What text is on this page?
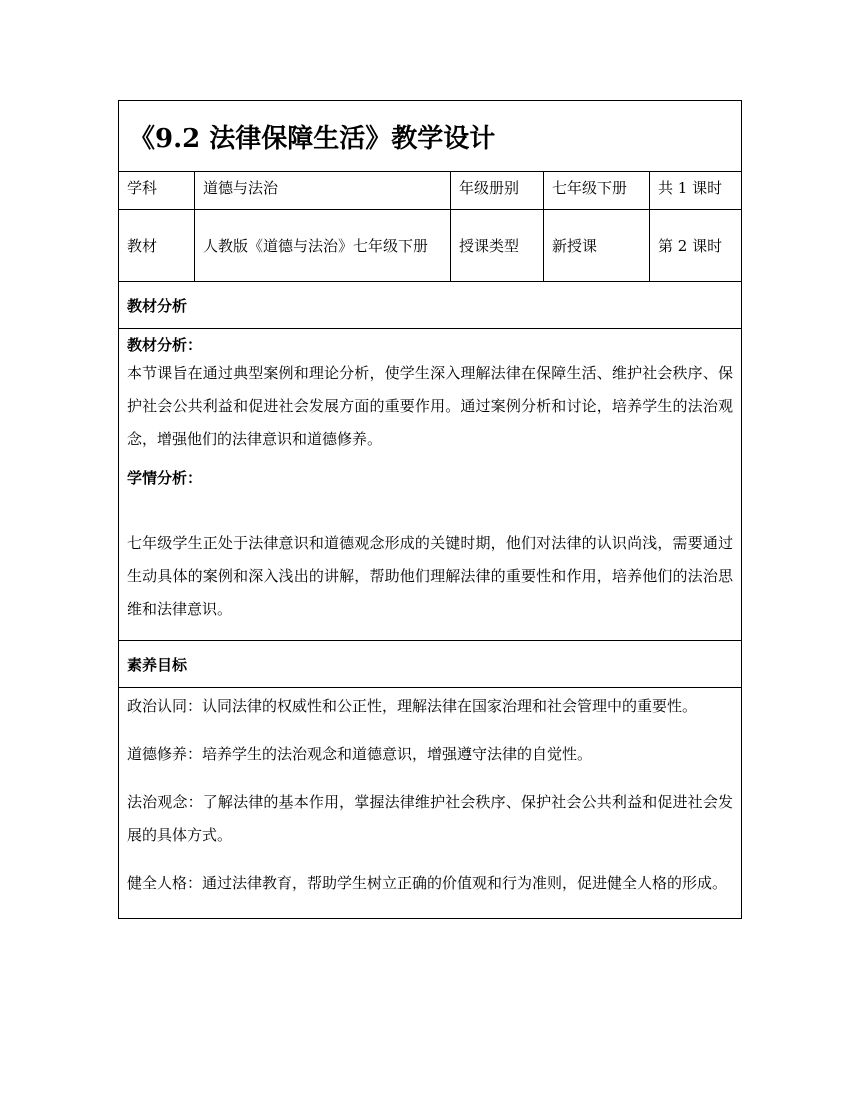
《9.2 法律保障生活》教学设计
学科	道德与法治	年级册别	七年级下册	共 1 课时
教材	人教版《道德与法治》七年级下册	授课类型	新授课	第 2 课时
教材分析
教材分析：

本节课旨在通过典型案例和理论分析，使学生深入理解法律在保障生活、维护社会秩序、保护社会公共利益和促进社会发展方面的重要作用。通过案例分析和讨论，培养学生的法治观念，增强他们的法律意识和道德修养。

学情分析：

七年级学生正处于法律意识和道德观念形成的关键时期，他们对法律的认识尚浅，需要通过生动具体的案例和深入浅出的讲解，帮助他们理解法律的重要性和作用，培养他们的法治思维和法律意识。

素养目标

政治认同：认同法律的权威性和公正性，理解法律在国家治理和社会管理中的重要性。

道德修养：培养学生的法治观念和道德意识，增强遵守法律的自觉性。

法治观念：了解法律的基本作用，掌握法律维护社会秩序、保护社会公共利益和促进社会发展的具体方式。

健全人格：通过法律教育，帮助学生树立正确的价值观和行为准则，促进健全人格的形成。
